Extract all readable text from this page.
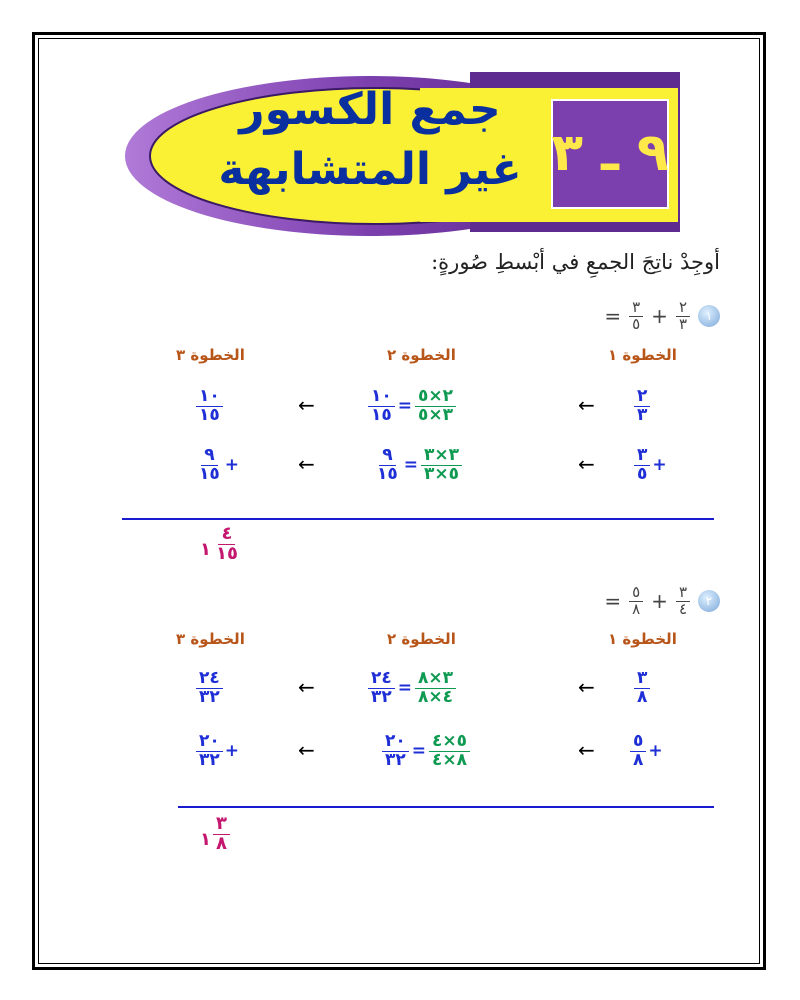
جمع الكسور
غير المتشابهة ٩ ـ ٣
أوجِدْ ناتِجَ الجمعِ في أبْسطِ صُورةٍ:
١
$\frac{٢}{٣}$
+
$\frac{٣}{٥}$
=
الخطوة ١
الخطوة ٢
الخطوة ٣
$\frac{٢}{٣}$
←
$\frac{١٠}{١٥} = \frac{٢\times ٥}{٣\times ٥}$
←
$\frac{١٠}{١٥}$
$\frac{٣}{٥}$ +
←
$\frac{٩}{١٥} = \frac{٣\times ٣}{٥\times ٣}$
←
$\frac{٩}{١٥}$ +
١ $\frac{٤}{١٥}$
٢
$\frac{٣}{٤}$
+
$\frac{٥}{٨}$
=
الخطوة ١
الخطوة ٢
الخطوة ٣
$\frac{٣}{٨}$
←
$\frac{٢٤}{٣٢} = \frac{٣\times ٨}{٤\times ٨}$
←
$\frac{٢٤}{٣٢}$
$\frac{٥}{٨}$ +
←
$\frac{٢٠}{٣٢} = \frac{٥\times ٤}{٨\times ٤}$
←
$\frac{٢٠}{٣٢}$ +
١ $\frac{٣}{٨}$
